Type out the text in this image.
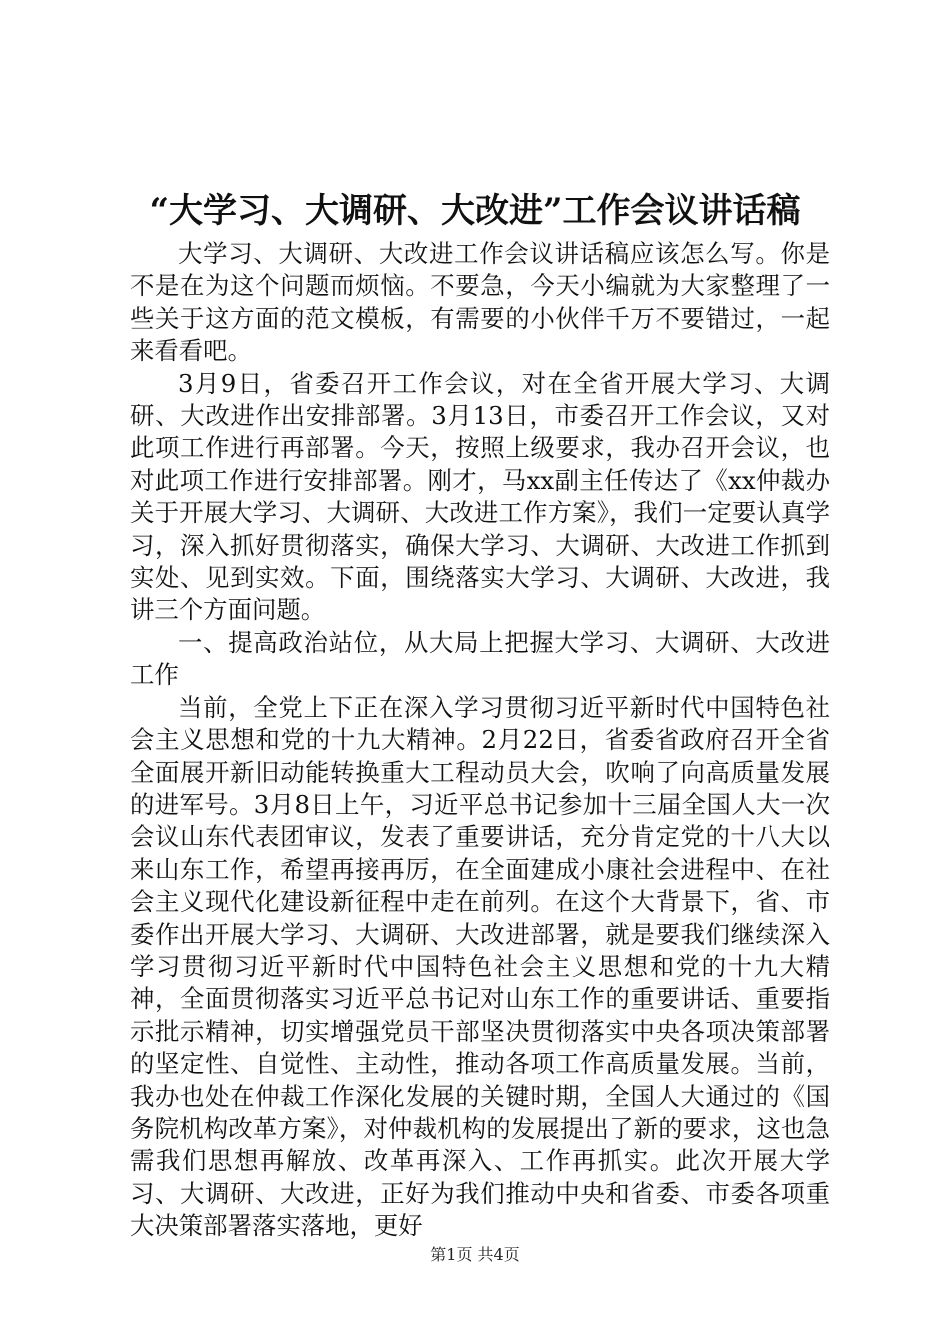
“大学习、大调研、大改进”工作会议讲话稿

大学习、大调研、大改进工作会议讲话稿应该怎么写。你是不是在为这个问题而烦恼。不要急，今天小编就为大家整理了一些关于这方面的范文模板，有需要的小伙伴千万不要错过，一起来看看吧。

3月9日，省委召开工作会议，对在全省开展大学习、大调研、大改进作出安排部署。3月13日，市委召开工作会议，又对此项工作进行再部署。今天，按照上级要求，我办召开会议，也对此项工作进行安排部署。刚才，马xx副主任传达了《xx仲裁办关于开展大学习、大调研、大改进工作方案》，我们一定要认真学习，深入抓好贯彻落实，确保大学习、大调研、大改进工作抓到实处、见到实效。下面，围绕落实大学习、大调研、大改进，我讲三个方面问题。

一、提高政治站位，从大局上把握大学习、大调研、大改进工作

当前，全党上下正在深入学习贯彻习近平新时代中国特色社会主义思想和党的十九大精神。2月22日，省委省政府召开全省全面展开新旧动能转换重大工程动员大会，吹响了向高质量发展的进军号。3月8日上午，习近平总书记参加十三届全国人大一次会议山东代表团审议，发表了重要讲话，充分肯定党的十八大以来山东工作，希望再接再厉，在全面建成小康社会进程中、在社会主义现代化建设新征程中走在前列。在这个大背景下，省、市委作出开展大学习、大调研、大改进部署，就是要我们继续深入学习贯彻习近平新时代中国特色社会主义思想和党的十九大精神，全面贯彻落实习近平总书记对山东工作的重要讲话、重要指示批示精神，切实增强党员干部坚决贯彻落实中央各项决策部署的坚定性、自觉性、主动性，推动各项工作高质量发展。当前，我办也处在仲裁工作深化发展的关键时期，全国人大通过的《国务院机构改革方案》，对仲裁机构的发展提出了新的要求，这也急需我们思想再解放、改革再深入、工作再抓实。此次开展大学习、大调研、大改进，正好为我们推动中央和省委、市委各项重大决策部署落实落地，更好

第1页 共4页
